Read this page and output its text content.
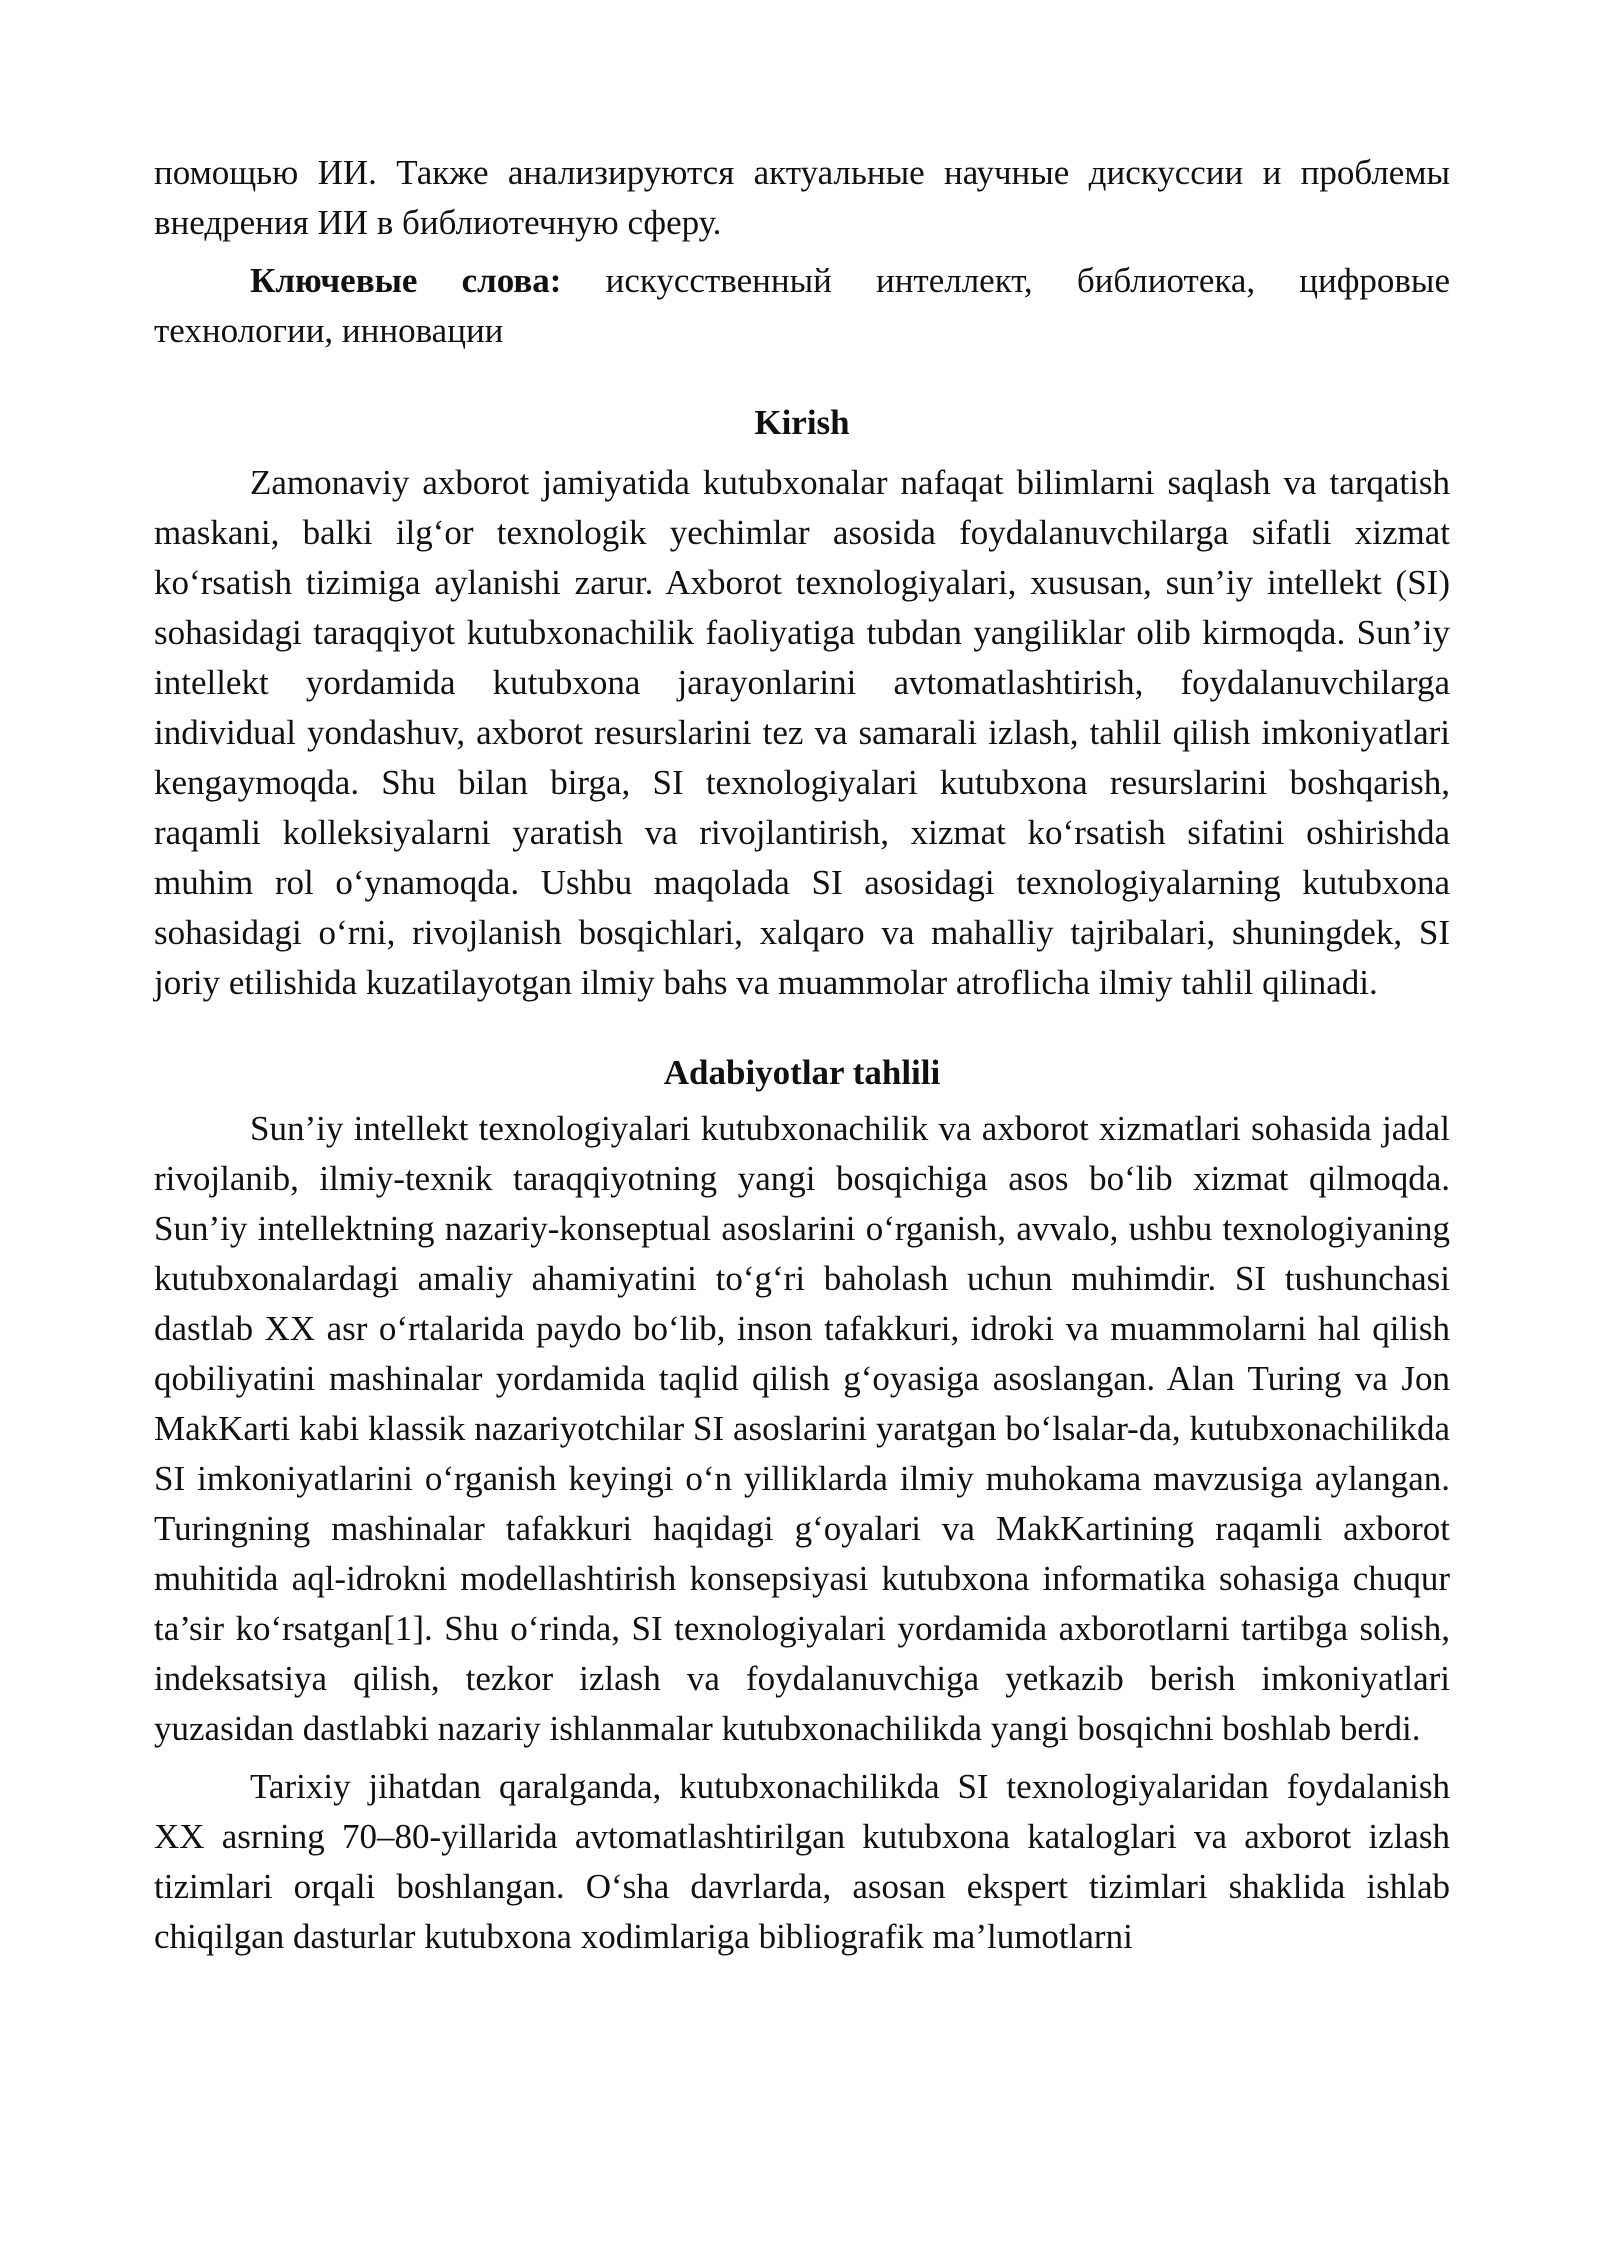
помощью ИИ. Также анализируются актуальные научные дискуссии и проблемы внедрения ИИ в библиотечную сферу.

Ключевые слова: искусственный интеллект, библиотека, цифровые технологии, инновации

Kirish

Zamonaviy axborot jamiyatida kutubxonalar nafaqat bilimlarni saqlash va tarqatish maskani, balki ilg‘or texnologik yechimlar asosida foydalanuvchilarga sifatli xizmat ko‘rsatish tizimiga aylanishi zarur. Axborot texnologiyalari, xususan, sun’iy intellekt (SI) sohasidagi taraqqiyot kutubxonachilik faoliyatiga tubdan yangiliklar olib kirmoqda. Sun’iy intellekt yordamida kutubxona jarayonlarini avtomatlashtirish, foydalanuvchilarga individual yondashuv, axborot resurslarini tez va samarali izlash, tahlil qilish imkoniyatlari kengaymoqda. Shu bilan birga, SI texnologiyalari kutubxona resurslarini boshqarish, raqamli kolleksiyalarni yaratish va rivojlantirish, xizmat ko‘rsatish sifatini oshirishda muhim rol o‘ynamoqda. Ushbu maqolada SI asosidagi texnologiyalarning kutubxona sohasidagi o‘rni, rivojlanish bosqichlari, xalqaro va mahalliy tajribalari, shuningdek, SI joriy etilishida kuzatilayotgan ilmiy bahs va muammolar atroflicha ilmiy tahlil qilinadi.

Adabiyotlar tahlili

Sun’iy intellekt texnologiyalari kutubxonachilik va axborot xizmatlari sohasida jadal rivojlanib, ilmiy-texnik taraqqiyotning yangi bosqichiga asos bo‘lib xizmat qilmoqda. Sun’iy intellektning nazariy-konseptual asoslarini o‘rganish, avvalo, ushbu texnologiyaning kutubxonalardagi amaliy ahamiyatini to‘g‘ri baholash uchun muhimdir. SI tushunchasi dastlab XX asr o‘rtalarida paydo bo‘lib, inson tafakkuri, idroki va muammolarni hal qilish qobiliyatini mashinalar yordamida taqlid qilish g‘oyasiga asoslangan. Alan Turing va Jon MakKarti kabi klassik nazariyotchilar SI asoslarini yaratgan bo‘lsalar-da, kutubxonachilikda SI imkoniyatlarini o‘rganish keyingi o‘n yilliklarda ilmiy muhokama mavzusiga aylangan. Turingning mashinalar tafakkuri haqidagi g‘oyalari va MakKartining raqamli axborot muhitida aql-idrokni modellashtirish konsepsiyasi kutubxona informatika sohasiga chuqur ta’sir ko‘rsatgan[1]. Shu o‘rinda, SI texnologiyalari yordamida axborotlarni tartibga solish, indeksatsiya qilish, tezkor izlash va foydalanuvchiga yetkazib berish imkoniyatlari yuzasidan dastlabki nazariy ishlanmalar kutubxonachilikda yangi bosqichni boshlab berdi.

Tarixiy jihatdan qaralganda, kutubxonachilikda SI texnologiyalaridan foydalanish XX asrning 70–80-yillarida avtomatlashtirilgan kutubxona kataloglari va axborot izlash tizimlari orqali boshlangan. O‘sha davrlarda, asosan ekspert tizimlari shaklida ishlab chiqilgan dasturlar kutubxona xodimlariga bibliografik ma’lumotlarni
